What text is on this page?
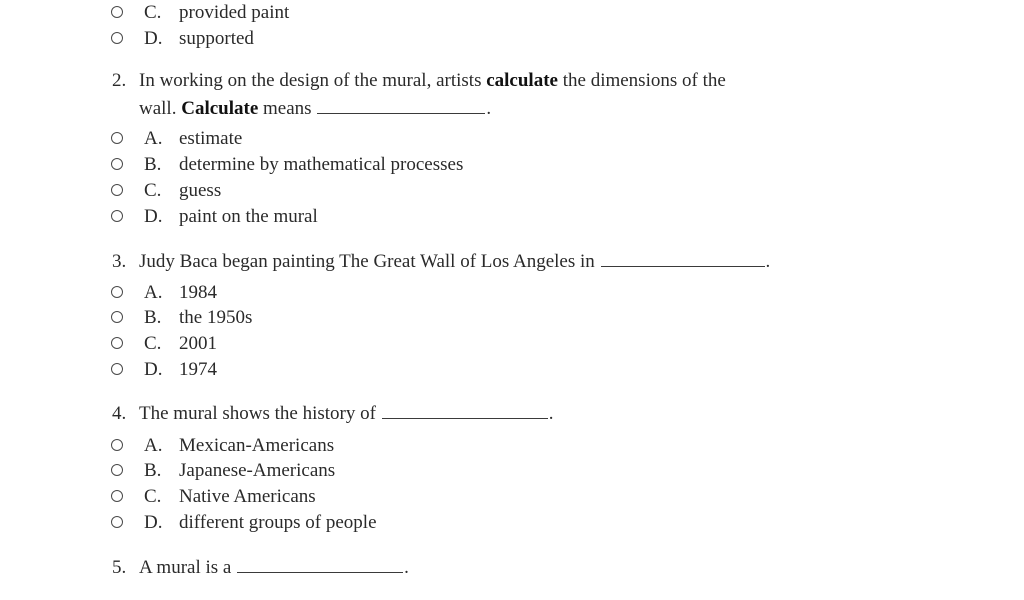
C. provided paint
D. supported
2. In working on the design of the mural, artists calculate the dimensions of the
wall. Calculate means	.
A. estimate
B. determine by mathematical processes
C. guess
D. paint on the mural
3. Judy Baca began painting The Great Wall of Los Angeles in	.
A. 1984
B. the 1950s
C. 2001
D. 1974
4. The mural shows the history of	.
A. Mexican-Americans
B. Japanese-Americans
C. Native Americans
D. different groups of people
5. A mural is a	.
